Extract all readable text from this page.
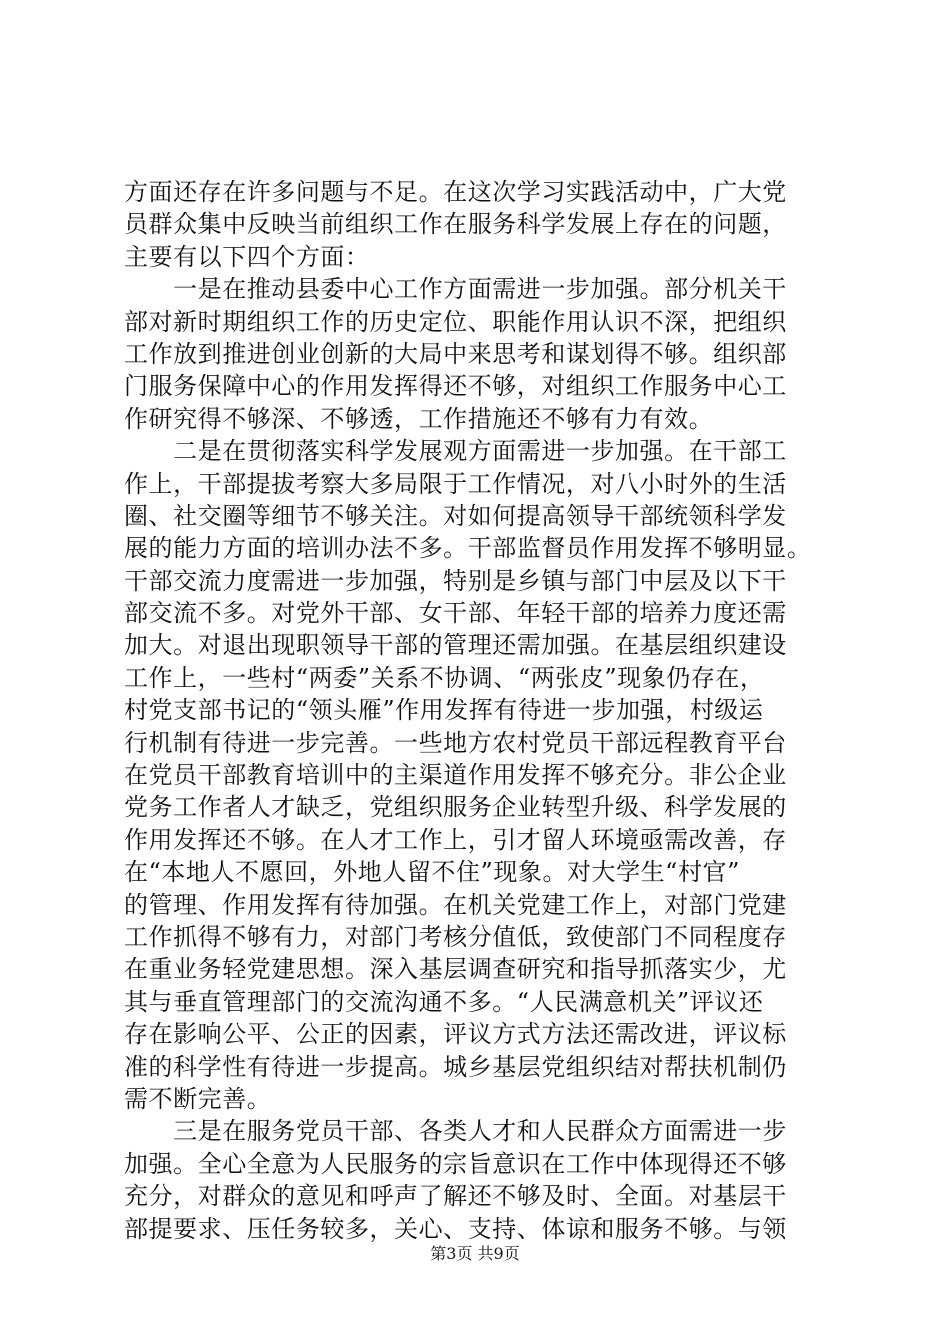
方面还存在许多问题与不足。在这次学习实践活动中，广大党
员群众集中反映当前组织工作在服务科学发展上存在的问题，
主要有以下四个方面：
　　一是在推动县委中心工作方面需进一步加强。部分机关干
部对新时期组织工作的历史定位、职能作用认识不深，把组织
工作放到推进创业创新的大局中来思考和谋划得不够。组织部
门服务保障中心的作用发挥得还不够，对组织工作服务中心工
作研究得不够深、不够透，工作措施还不够有力有效。
　　二是在贯彻落实科学发展观方面需进一步加强。在干部工
作上，干部提拔考察大多局限于工作情况，对八小时外的生活
圈、社交圈等细节不够关注。对如何提高领导干部统领科学发
展的能力方面的培训办法不多。干部监督员作用发挥不够明显。
干部交流力度需进一步加强，特别是乡镇与部门中层及以下干
部交流不多。对党外干部、女干部、年轻干部的培养力度还需
加大。对退出现职领导干部的管理还需加强。在基层组织建设
工作上，一些村“两委”关系不协调、“两张皮”现象仍存在，
村党支部书记的“领头雁”作用发挥有待进一步加强，村级运
行机制有待进一步完善。一些地方农村党员干部远程教育平台
在党员干部教育培训中的主渠道作用发挥不够充分。非公企业
党务工作者人才缺乏，党组织服务企业转型升级、科学发展的
作用发挥还不够。在人才工作上，引才留人环境亟需改善，存
在“本地人不愿回，外地人留不住”现象。对大学生“村官”
的管理、作用发挥有待加强。在机关党建工作上，对部门党建
工作抓得不够有力，对部门考核分值低，致使部门不同程度存
在重业务轻党建思想。深入基层调查研究和指导抓落实少，尤
其与垂直管理部门的交流沟通不多。“人民满意机关”评议还
存在影响公平、公正的因素，评议方式方法还需改进，评议标
准的科学性有待进一步提高。城乡基层党组织结对帮扶机制仍
需不断完善。
　　三是在服务党员干部、各类人才和人民群众方面需进一步
加强。全心全意为人民服务的宗旨意识在工作中体现得还不够
充分，对群众的意见和呼声了解还不够及时、全面。对基层干
部提要求、压任务较多，关心、支持、体谅和服务不够。与领
第3页 共9页
